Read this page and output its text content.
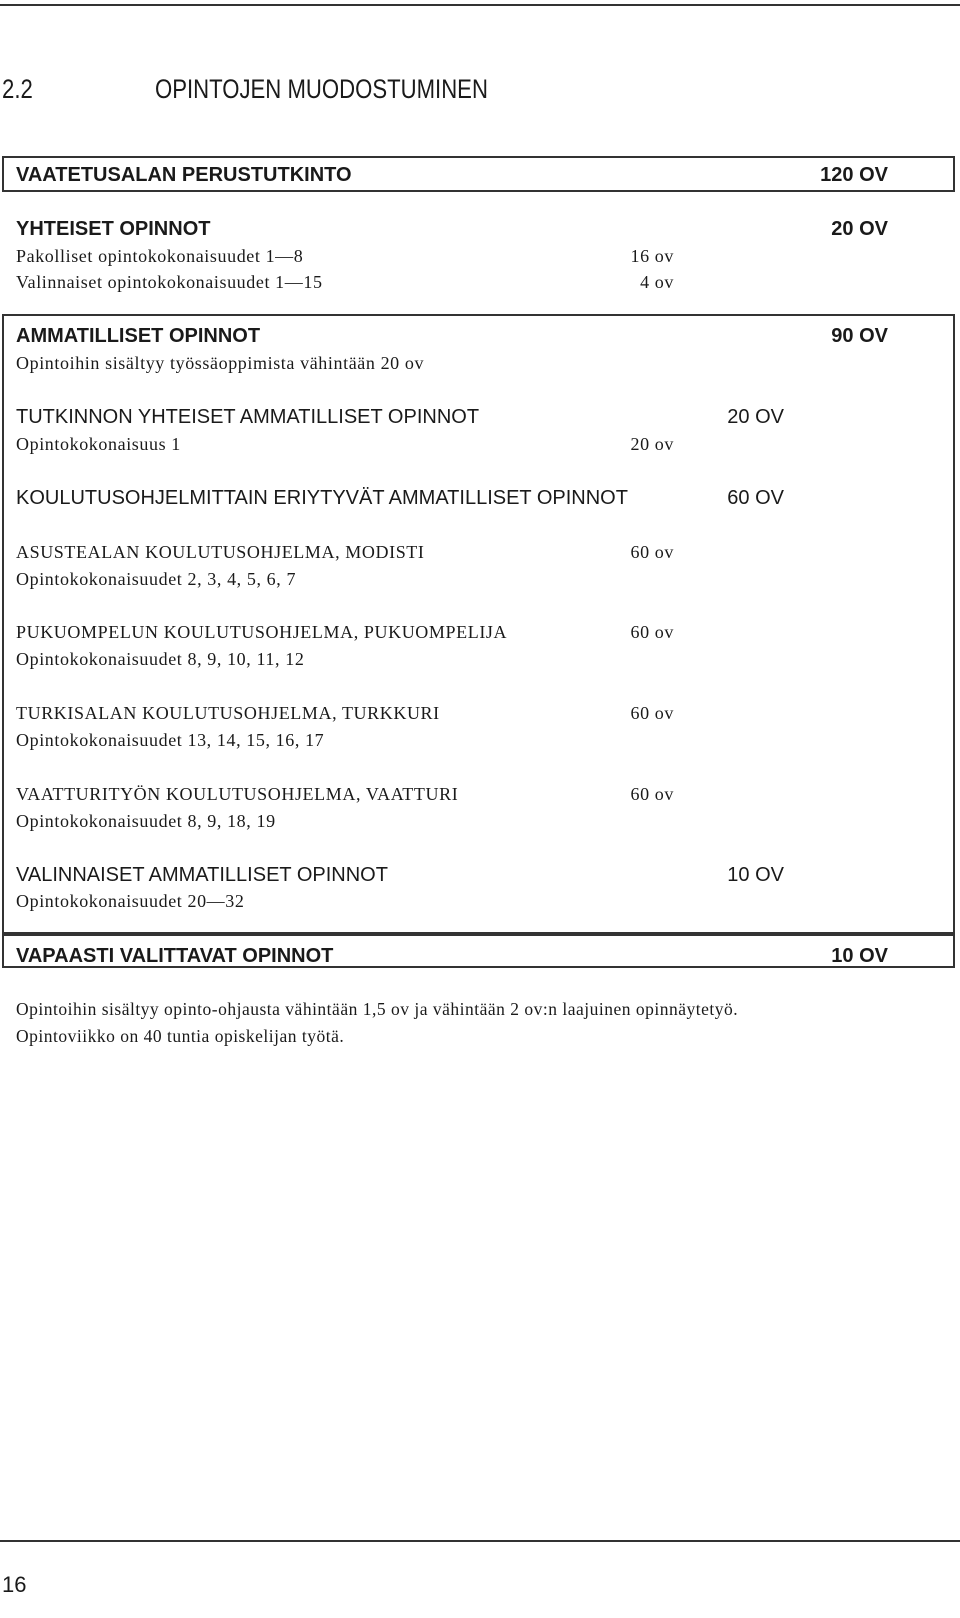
2.2	OPINTOJEN MUODOSTUMINEN
VAATETUSALAN PERUSTUTKINTO	120 OV
YHTEISET OPINNOT	20 OV
Pakolliset opintokokonaisuudet 1—8	16 ov
Valinnaiset opintokokonaisuudet 1—15	4 ov
AMMATILLISET OPINNOT	90 OV
Opintoihin sisältyy työssäoppimista vähintään 20 ov
TUTKINNON YHTEISET AMMATILLISET OPINNOT	20 OV
Opintokokonaisuus 1	20 ov
KOULUTUSOHJELMITTAIN ERIYTYVÄT AMMATILLISET OPINNOT	60 OV
ASUSTEALAN KOULUTUSOHJELMA, MODISTI	60 ov
Opintokokonaisuudet 2, 3, 4, 5, 6, 7
PUKUOMPELUN KOULUTUSOHJELMA, PUKUOMPELIJA	60 ov
Opintokokonaisuudet 8, 9, 10, 11, 12
TURKISALAN KOULUTUSOHJELMA, TURKKURI	60 ov
Opintokokonaisuudet 13, 14, 15, 16, 17
VAATTURITYÖN KOULUTUSOHJELMA, VAATTURI	60 ov
Opintokokonaisuudet 8, 9, 18, 19
VALINNAISET AMMATILLISET OPINNOT	10 OV
Opintokokonaisuudet 20—32
VAPAASTI VALITTAVAT OPINNOT	10 OV
Opintoihin sisältyy opinto-ohjausta vähintään 1,5 ov ja vähintään 2 ov:n laajuinen opinnäytetyö.
Opintoviikko on 40 tuntia opiskelijan työtä.
16
